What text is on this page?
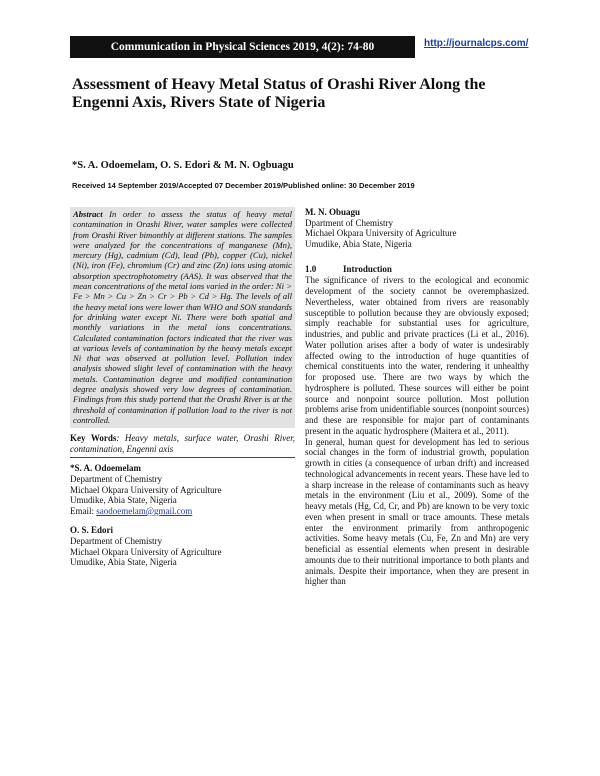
Communication in Physical Sciences 2019, 4(2): 74-80	http://journalcps.com/
Assessment of Heavy Metal Status of Orashi River Along the Engenni Axis, Rivers State of Nigeria
*S. A. Odoemelam, O. S. Edori & M. N. Ogbuagu
Received 14 September 2019/Accepted 07 December 2019/Published online: 30 December 2019
Abstract In order to assess the status of heavy metal contamination in Orashi River, water samples were collected from Orashi River bimonthly at different stations. The samples were analyzed for the concentrations of manganese (Mn), mercury (Hg), cadmium (Cd), lead (Pb), copper (Cu), nickel (Ni), iron (Fe), chromium (Cr) and zinc (Zn) ions using atomic absorption spectrophotometry (AAS). It was observed that the mean concentrations of the metal ions varied in the order: Ni > Fe > Mn > Cu > Zn > Cr > Pb > Cd > Hg. The levels of all the heavy metal ions were lower than WHO and SON standards for drinking water except Ni. There were both spatial and monthly variations in the metal ions concentrations. Calculated contamination factors indicated that the river was at various levels of contamination by the heavy metals except Ni that was observed at pollution level. Pollution index analysis showed slight level of contamination with the heavy metals. Contamination degree and modified contamination degree analysis showed very low degrees of contamination. Findings from this study portend that the Orashi River is at the threshold of contamination if pollution load to the river is not controlled.
Key Words: Heavy metals, surface water, Orashi River, contamination, Engenni axis
*S. A. Odoemelam
Department of Chemistry
Michael Okpara University of Agriculture
Umudike, Abia State, Nigeria
Email: saodoemelam@gmail.com
O. S. Edori
Department of Chemistry
Michael Okpara University of Agriculture
Umudike, Abia State, Nigeria
M. N. Obuagu
Dpartment of Chemistry
Michael Okpara University of Agriculture
Umudike, Abia State, Nigeria
1.0	Introduction

The significance of rivers to the ecological and economic development of the society cannot be overemphasized. Nevertheless, water obtained from rivers are reasonably susceptible to pollution because they are obviously exposed; simply reachable for substantial uses for agriculture, industries, and public and private practices (Li et al., 2016). Water pollution arises after a body of water is undesirably affected owing to the introduction of huge quantities of chemical constituents into the water, rendering it unhealthy for proposed use. There are two ways by which the hydrosphere is polluted. These sources will either be point source and nonpoint source pollution. Most pollution problems arise from unidentifiable sources (nonpoint sources) and these are responsible for major part of contaminants present in the aquatic hydrosphere (Maitera et al., 2011).

In general, human quest for development has led to serious social changes in the form of industrial growth, population growth in cities (a consequence of urban drift) and increased technological advancements in recent years. These have led to a sharp increase in the release of contaminants such as heavy metals in the environment (Liu et al., 2009). Some of the heavy metals (Hg, Cd, Cr, and Pb) are known to be very toxic even when present in small or trace amounts. These metals enter the environment primarily from anthropogenic activities. Some heavy metals (Cu, Fe, Zn and Mn) are very beneficial as essential elements when present in desirable amounts due to their nutritional importance to both plants and animals. Despite their importance, when they are present in higher than
